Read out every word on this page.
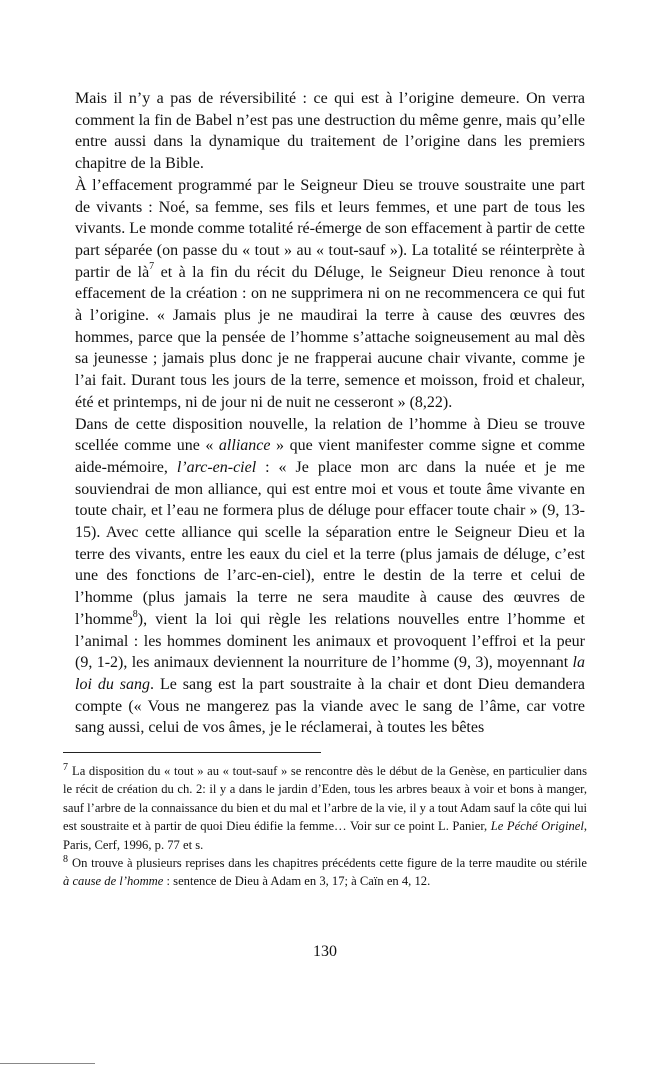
Mais il n’y a pas de réversibilité : ce qui est à l’origine demeure. On verra comment la fin de Babel n’est pas une destruction du même genre, mais qu’elle entre aussi dans la dynamique du traitement de l’origine dans les premiers chapitre de la Bible.

À l’effacement programmé par le Seigneur Dieu se trouve soustraite une part de vivants : Noé, sa femme, ses fils et leurs femmes, et une part de tous les vivants. Le monde comme totalité ré-émerge de son effacement à partir de cette part séparée (on passe du « tout » au « tout-sauf »). La totalité se réinterprète à partir de $là^7$ et à la fin du récit du Déluge, le Seigneur Dieu renonce à tout effacement de la création : on ne supprimera ni on ne recommencera ce qui fut à l’origine. « Jamais plus je ne maudirai la terre à cause des œuvres des hommes, parce que la pensée de l’homme s’attache soigneusement au mal dès sa jeunesse ; jamais plus donc je ne frapperai aucune chair vivante, comme je l’ai fait. Durant tous les jours de la terre, semence et moisson, froid et chaleur, été et printemps, ni de jour ni de nuit ne cesseront » (8,22).

Dans de cette disposition nouvelle, la relation de l’homme à Dieu se trouve scellée comme une « alliance » que vient manifester comme signe et comme aide-mémoire, l’arc-en-ciel : « Je place mon arc dans la nuée et je me souviendrai de mon alliance, qui est entre moi et vous et toute âme vivante en toute chair, et l’eau ne formera plus de déluge pour effacer toute chair » (9, 13-15). Avec cette alliance qui scelle la séparation entre le Seigneur Dieu et la terre des vivants, entre les eaux du ciel et la terre (plus jamais de déluge, c’est une des fonctions de l’arc-en-ciel), entre le destin de la terre et celui de l’homme (plus jamais la terre ne sera maudite à cause des œuvres de l’homme$^8$), vient la loi qui règle les relations nouvelles entre l’homme et l’animal : les hommes dominent les animaux et provoquent l’effroi et la peur (9, 1-2), les animaux deviennent la nourriture de l’homme (9, 3), moyennant la loi du sang. Le sang est la part soustraite à la chair et dont Dieu demandera compte (« Vous ne mangerez pas la viande avec le sang de l’âme, car votre sang aussi, celui de vos âmes, je le réclamerai, à toutes les bêtes

$^7$ La disposition du « tout » au « tout-sauf » se rencontre dès le début de la Genèse, en particulier dans le récit de création du ch. 2: il y a dans le jardin d’Eden, tous les arbres beaux à voir et bons à manger, sauf l’arbre de la connaissance du bien et du mal et l’arbre de la vie, il y a tout Adam sauf la côte qui lui est soustraite et à partir de quoi Dieu édifie la femme… Voir sur ce point L. Panier, Le Péché Originel, Paris, Cerf, 1996, p. 77 et s.

$^8$ On trouve à plusieurs reprises dans les chapitres précédents cette figure de la terre maudite ou stérile à cause de l’homme : sentence de Dieu à Adam en 3, 17; à Caïn en 4, 12.

130
